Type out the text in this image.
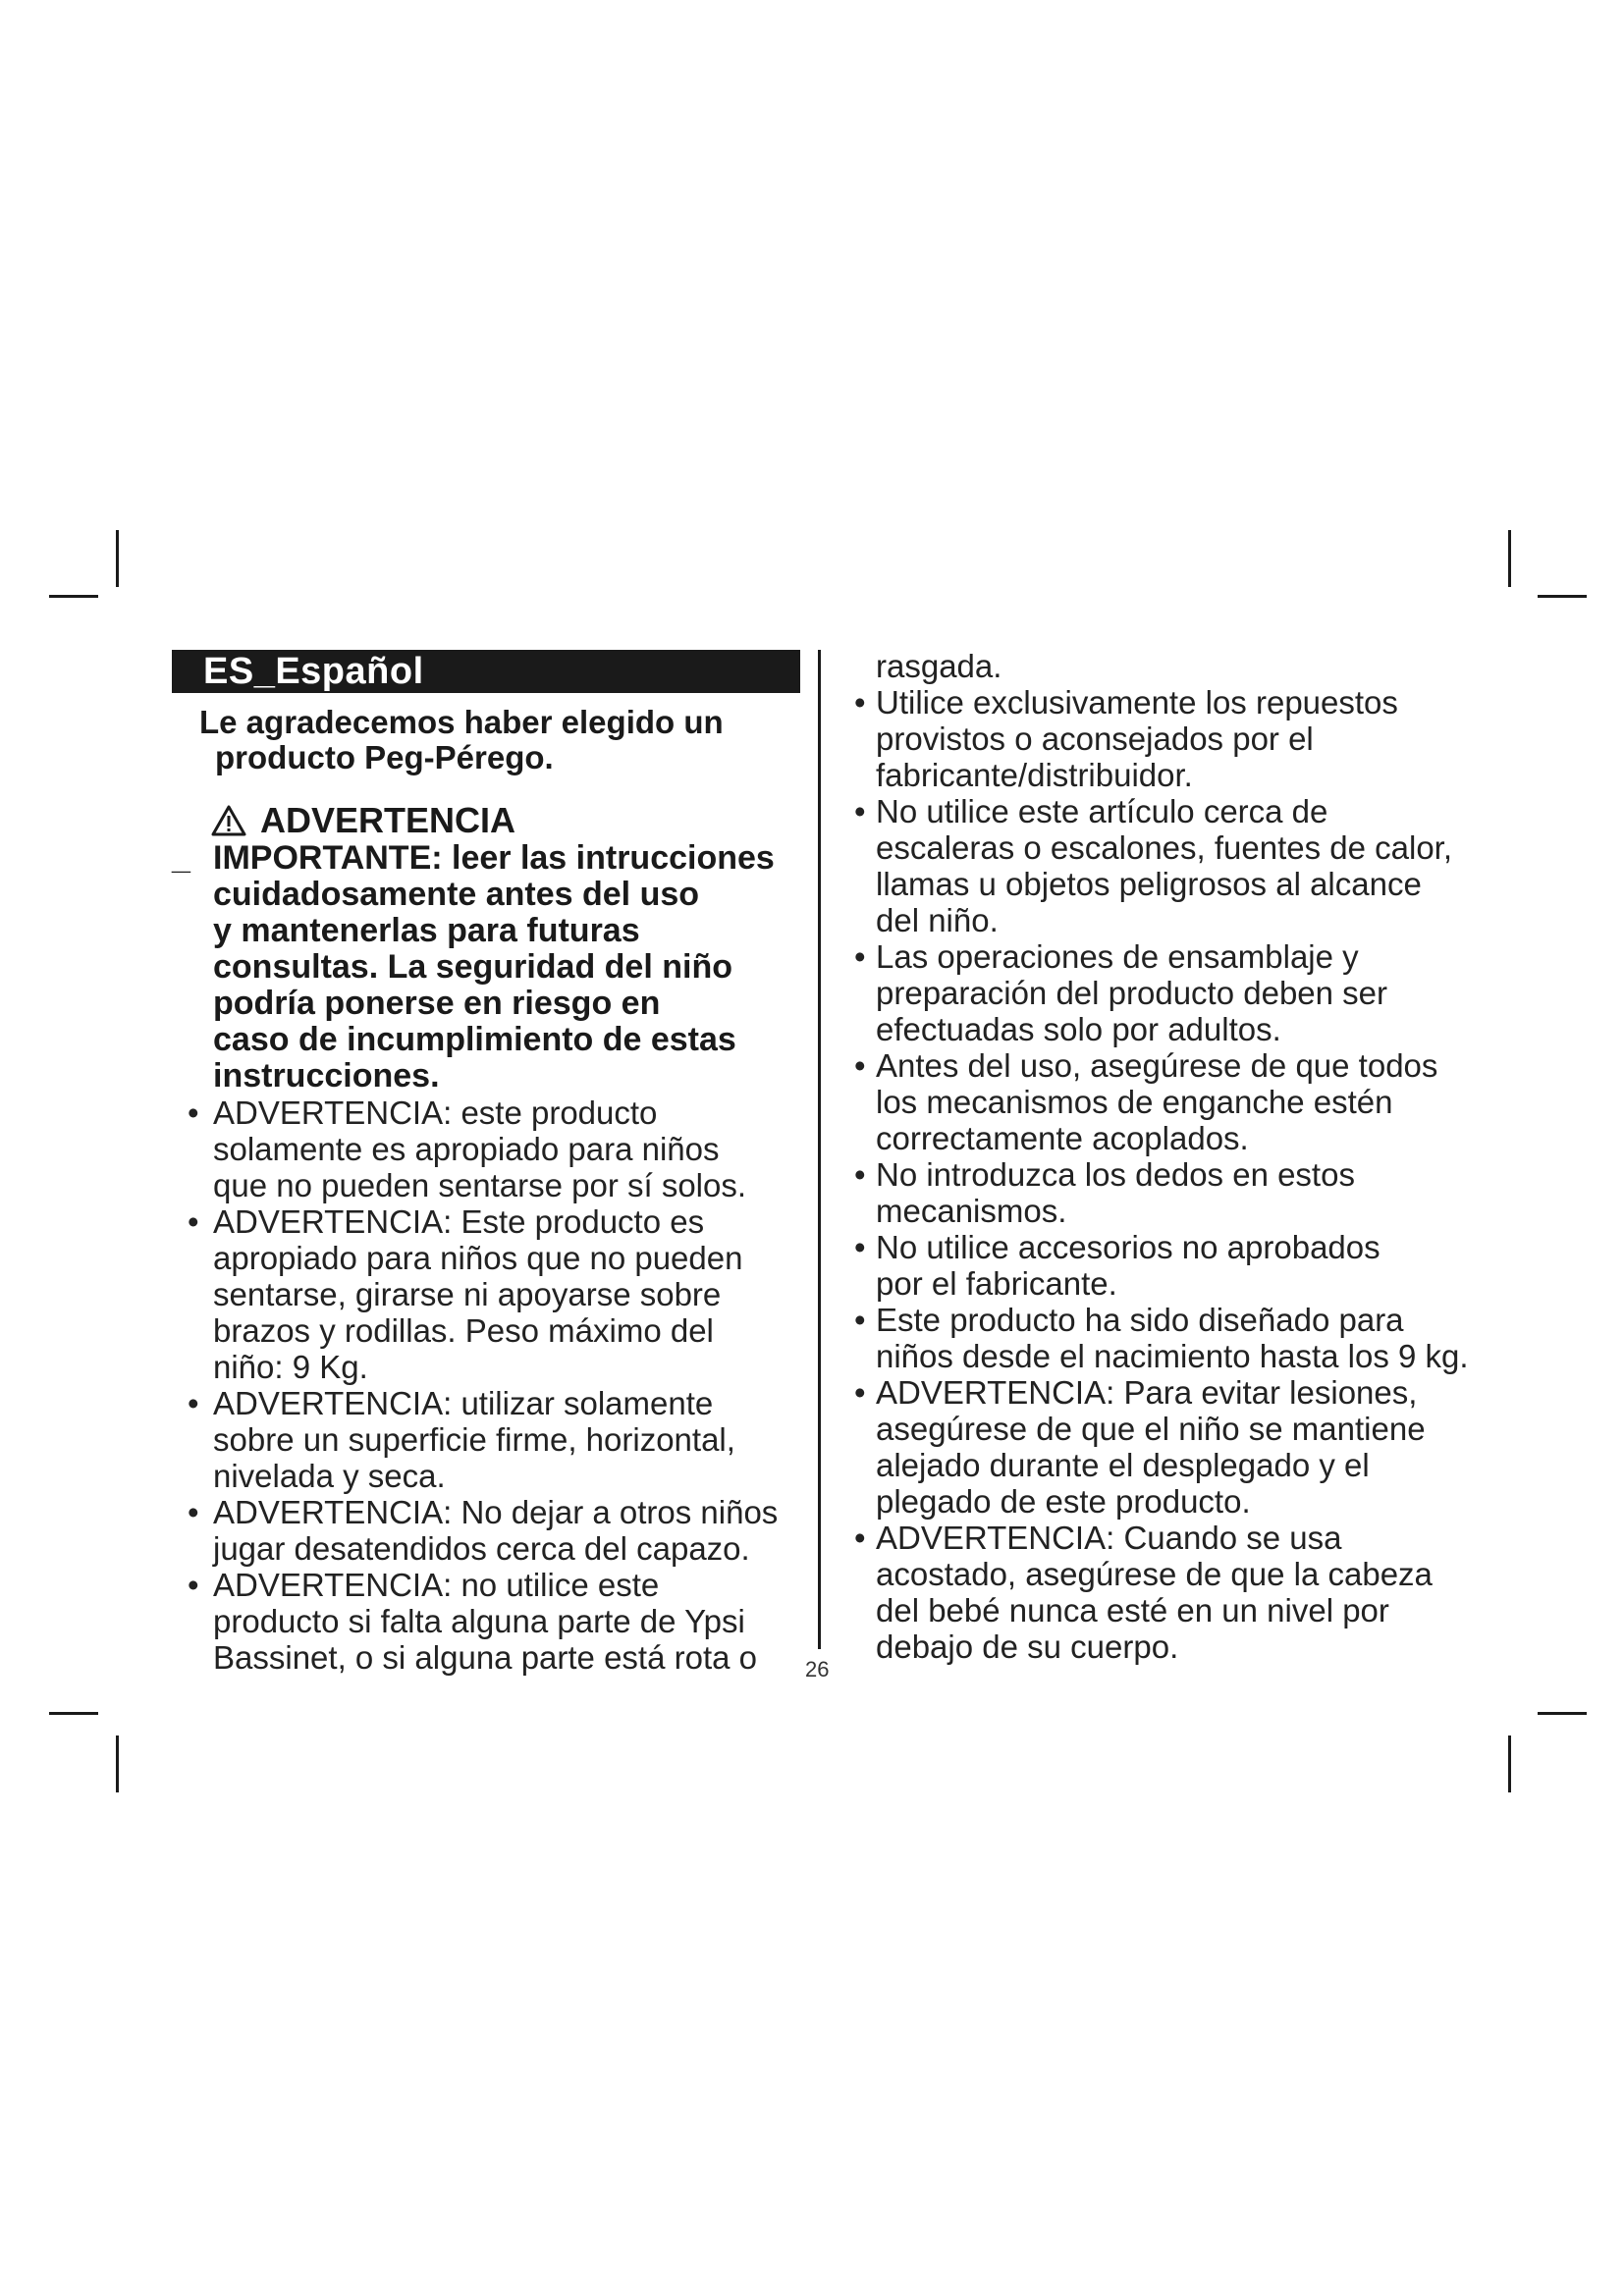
ES_Español
Le agradecemos haber elegido un
producto Peg-Pérego.
ADVERTENCIA
_ IMPORTANTE: leer las intrucciones
cuidadosamente antes del uso
y mantenerlas para futuras
consultas. La seguridad del niño
podría ponerse en riesgo en
caso de incumplimiento de estas
instrucciones.
• ADVERTENCIA: este producto
solamente es apropiado para niños
que no pueden sentarse por sí solos.
• ADVERTENCIA: Este producto es
apropiado para niños que no pueden
sentarse, girarse ni apoyarse sobre
brazos y rodillas. Peso máximo del
niño: 9 Kg.
• ADVERTENCIA: utilizar solamente
sobre un superficie firme, horizontal,
nivelada y seca.
• ADVERTENCIA: No dejar a otros niños
jugar desatendidos cerca del capazo.
• ADVERTENCIA: no utilice este
producto si falta alguna parte de Ypsi
Bassinet, o si alguna parte está rota o	26
rasgada.
• Utilice exclusivamente los repuestos
provistos o aconsejados por el
fabricante/distribuidor.
• No utilice este artículo cerca de
escaleras o escalones, fuentes de calor,
llamas u objetos peligrosos al alcance
del niño.
• Las operaciones de ensamblaje y
preparación del producto deben ser
efectuadas solo por adultos.
• Antes del uso, asegúrese de que todos
los mecanismos de enganche estén
correctamente acoplados.
• No introduzca los dedos en estos
mecanismos.
• No utilice accesorios no aprobados
por el fabricante.
• Este producto ha sido diseñado para
niños desde el nacimiento hasta los 9 kg.
• ADVERTENCIA: Para evitar lesiones,
asegúrese de que el niño se mantiene
alejado durante el desplegado y el
plegado de este producto.
• ADVERTENCIA: Cuando se usa
acostado, asegúrese de que la cabeza
del bebé nunca esté en un nivel por
debajo de su cuerpo.
